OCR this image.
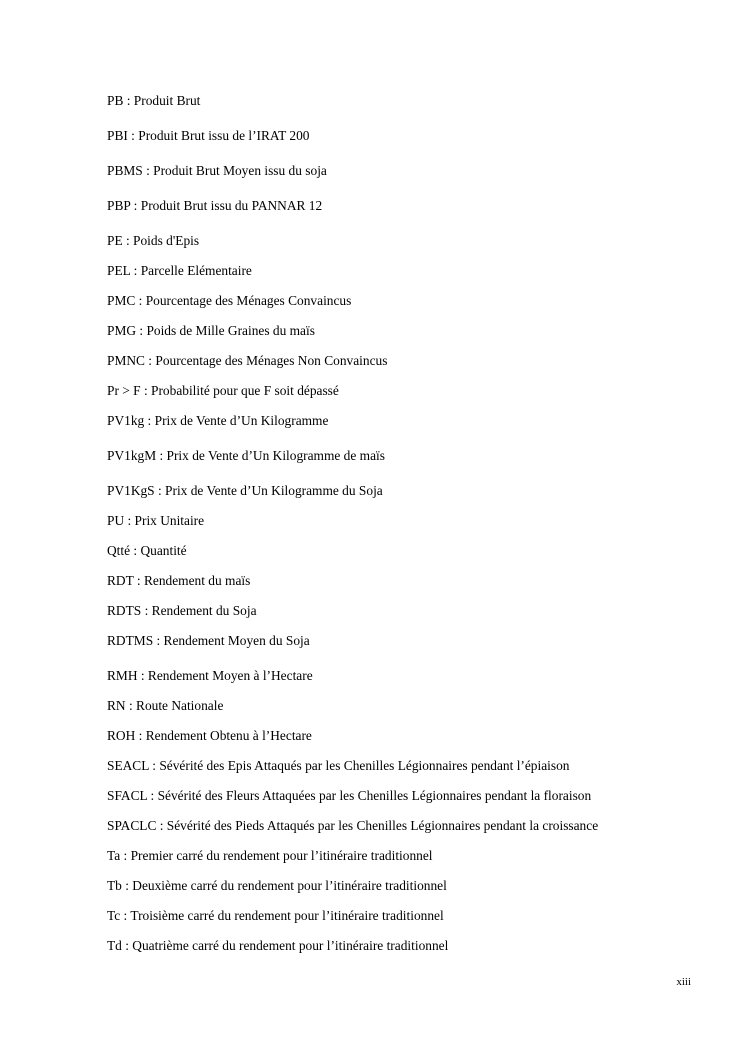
PB : Produit Brut
PBI : Produit Brut issu de l’IRAT 200
PBMS : Produit Brut Moyen issu du soja
PBP : Produit Brut issu du PANNAR 12
PE : Poids d'Epis
PEL : Parcelle Elémentaire
PMC : Pourcentage des Ménages Convaincus
PMG : Poids de Mille Graines du maïs
PMNC : Pourcentage des Ménages Non Convaincus
Pr > F : Probabilité pour que F soit dépassé
PV1kg : Prix de Vente d’Un Kilogramme
PV1kgM : Prix de Vente d’Un Kilogramme de maïs
PV1KgS : Prix de Vente d’Un Kilogramme du Soja
PU : Prix Unitaire
Qtté : Quantité
RDT : Rendement du maïs
RDTS : Rendement du Soja
RDTMS : Rendement Moyen du Soja
RMH : Rendement Moyen à l’Hectare
RN : Route Nationale
ROH : Rendement Obtenu à l’Hectare
SEACL : Sévérité des Epis Attaqués par les Chenilles Légionnaires pendant l’épiaison
SFACL : Sévérité des Fleurs Attaquées par les Chenilles Légionnaires pendant la floraison
SPACLC : Sévérité des Pieds Attaqués par les Chenilles Légionnaires pendant la croissance
Ta : Premier carré du rendement pour l’itinéraire traditionnel
Tb : Deuxième carré du rendement pour l’itinéraire traditionnel
Tc : Troisième carré du rendement pour l’itinéraire traditionnel
Td : Quatrième carré du rendement pour l’itinéraire traditionnel
xiii
